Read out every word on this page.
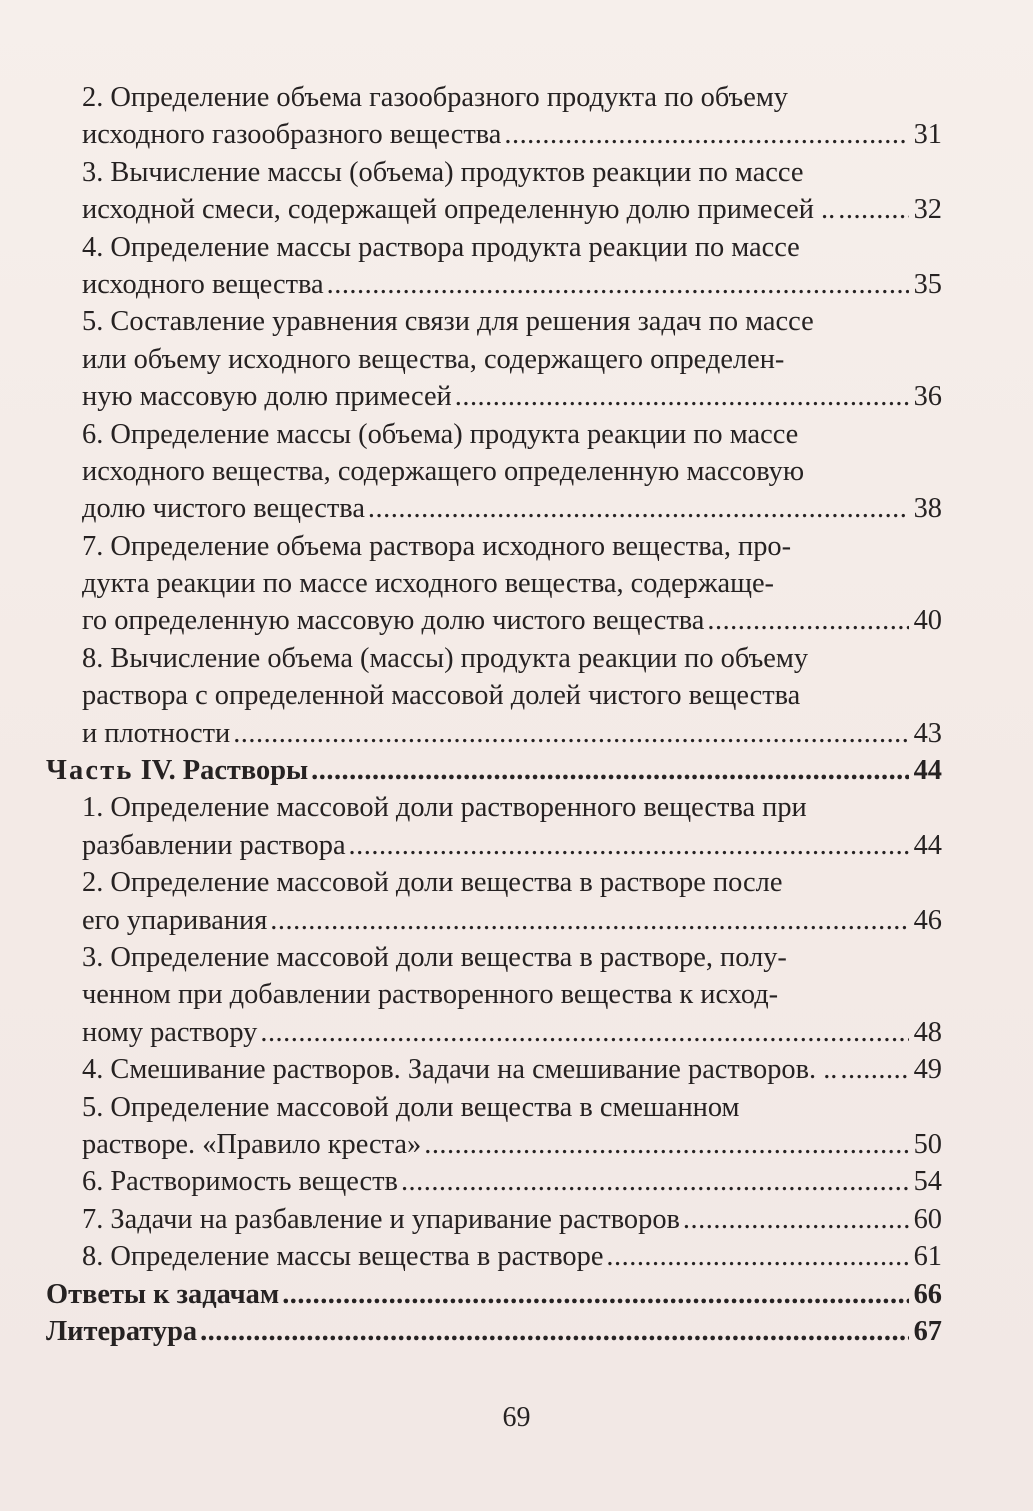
2. Определение объема газообразного продукта по объему
исходного газообразного вещества .....	31
3. Вычисление массы (объема) продуктов реакции по массе
исходной смеси, содержащей определенную долю примесей .. .....	32
4. Определение массы раствора продукта реакции по массе
исходного вещества .....	35
5. Составление уравнения связи для решения задач по массе
или объему исходного вещества, содержащего определен-
ную массовую долю примесей .....	36
6. Определение массы (объема) продукта реакции по массе
исходного вещества, содержащего определенную массовую
долю чистого вещества .....	38
7. Определение объема раствора исходного вещества, про-
дукта реакции по массе исходного вещества, содержаще-
го определенную массовую долю чистого вещества .....	40
8. Вычисление объема (массы) продукта реакции по объему
раствора с определенной массовой долей чистого вещества
и плотности .....	43
Часть IV. Растворы .....	44
1. Определение массовой доли растворенного вещества при
разбавлении раствора .....	44
2. Определение массовой доли вещества в растворе после
его упаривания .....	46
3. Определение массовой доли вещества в растворе, полу-
ченном при добавлении растворенного вещества к исход-
ному раствору .....	48
4. Смешивание растворов. Задачи на смешивание растворов. .. .....	49
5. Определение массовой доли вещества в смешанном
растворе. «Правило креста» .....	50
6. Растворимость веществ .....	54
7. Задачи на разбавление и упаривание растворов .....	60
8. Определение массы вещества в растворе .....	61
Ответы к задачам .....	66
Литература .....	67
69
